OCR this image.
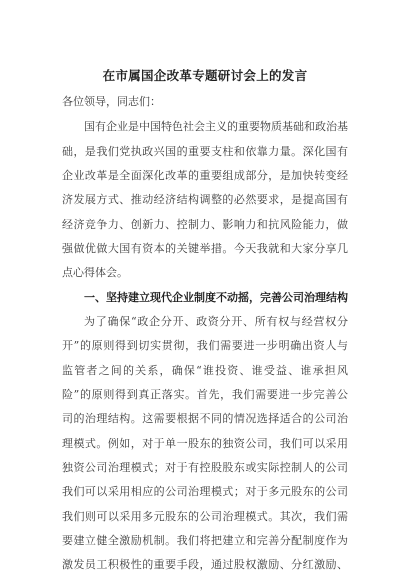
在市属国企改革专题研讨会上的发言
各位领导，同志们：
国有企业是中国特色社会主义的重要物质基础和政治基
础，是我们党执政兴国的重要支柱和依靠力量。深化国有
企业改革是全面深化改革的重要组成部分，是加快转变经
济发展方式、推动经济结构调整的必然要求，是提高国有
经济竞争力、创新力、控制力、影响力和抗风险能力，做
强做优做大国有资本的关键举措。今天我就和大家分享几
点心得体会。
一、坚持建立现代企业制度不动摇，完善公司治理结构
为了确保“政企分开、政资分开、所有权与经营权分
开”的原则得到切实贯彻，我们需要进一步明确出资人与
监管者之间的关系，确保“谁投资、谁受益、谁承担风
险”的原则得到真正落实。首先，我们需要进一步完善公
司的治理结构。这需要根据不同的情况选择适合的公司治
理模式。例如，对于单一股东的独资公司，我们可以采用
独资公司治理模式；对于有控股股东或实际控制人的公司
我们可以采用相应的公司治理模式；对于多元股东的公司
我们则可以采用多元股东的公司治理模式。其次，我们需
要建立健全激励机制。我们将把建立和完善分配制度作为
激发员工积极性的重要手段，通过股权激励、分红激励、
